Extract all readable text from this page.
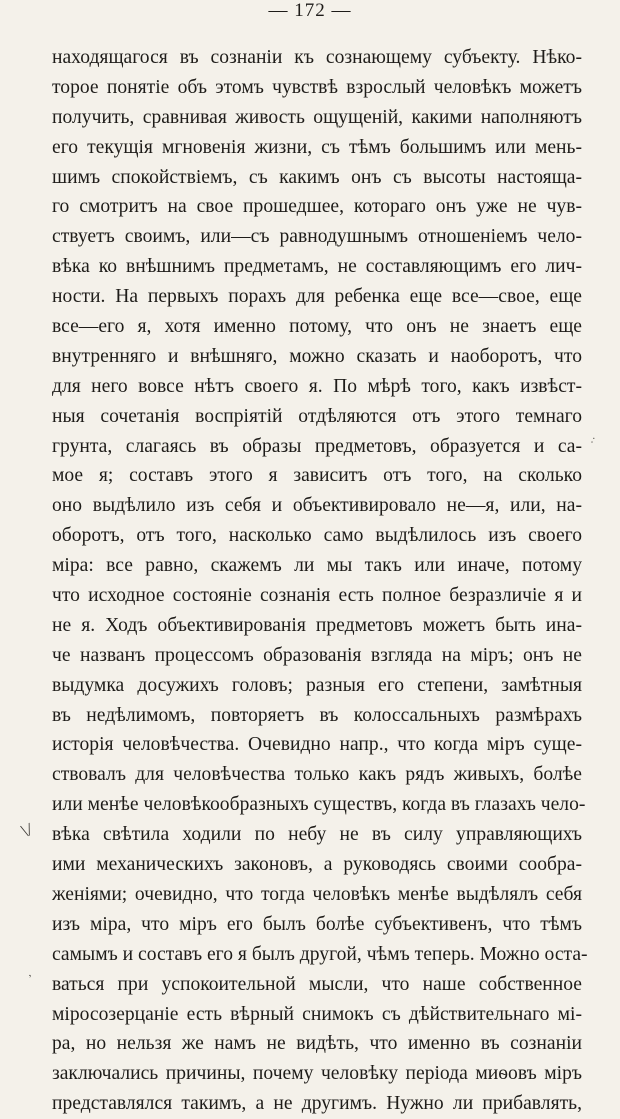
— 172 —
находящагося въ сознаніи къ сознающему субъекту. Нѣко-
торое понятіе объ этомъ чувствѣ взрослый человѣкъ можетъ
получить, сравнивая живость ощущеній, какими наполняютъ
его текущія мгновенія жизни, съ тѣмъ большимъ или мень-
шимъ спокойствіемъ, съ какимъ онъ съ высоты настояща-
го смотритъ на свое прошедшее, котораго онъ уже не чув-
ствуетъ своимъ, или—съ равнодушнымъ отношеніемъ чело-
вѣка ко внѣшнимъ предметамъ, не составляющимъ его лич-
ности. На первыхъ порахъ для ребенка еще все—свое, еще
все—его я, хотя именно потому, что онъ не знаетъ еще
внутренняго и внѣшняго, можно сказать и наоборотъ, что
для него вовсе нѣтъ своего я. По мѣрѣ того, какъ извѣст-
ныя сочетанія воспріятій отдѣляются отъ этого темнаго
грунта, слагаясь въ образы предметовъ, образуется и са-
мое я; составъ этого я зависитъ отъ того, на сколько
оно выдѣлило изъ себя и объективировало не—я, или, на-
оборотъ, отъ того, насколько само выдѣлилось изъ своего
міра: все равно, скажемъ ли мы такъ или иначе, потому
что исходное состояніе сознанія есть полное безразличіе я и
не я. Ходъ объективированія предметовъ можетъ быть ина-
че названъ процессомъ образованія взгляда на міръ; онъ не
выдумка досужихъ головъ; разныя его степени, замѣтныя
въ недѣлимомъ, повторяетъ въ колоссальныхъ размѣрахъ
исторія человѣчества. Очевидно напр., что когда міръ суще-
ствовалъ для человѣчества только какъ рядъ живыхъ, болѣе
или менѣе человѣкообразныхъ существъ, когда въ глазахъ чело-
вѣка свѣтила ходили по небу не въ силу управляющихъ
ими механическихъ законовъ, а руководясь своими сообра-
женіями; очевидно, что тогда человѣкъ менѣе выдѣлялъ себя
изъ міра, что міръ его былъ болѣе субъективенъ, что тѣмъ
самымъ и составъ его я былъ другой, чѣмъ теперь. Можно оста-
ваться при успокоительной мысли, что наше собственное
міросозерцаніе есть вѣрный снимокъ съ дѣйствительнаго мі-
ра, но нельзя же намъ не видѣть, что именно въ сознаніи
заключались причины, почему человѣку періода миѳовъ міръ
представлялся такимъ, а не другимъ. Нужно ли прибавлять,
\/
.·
,
